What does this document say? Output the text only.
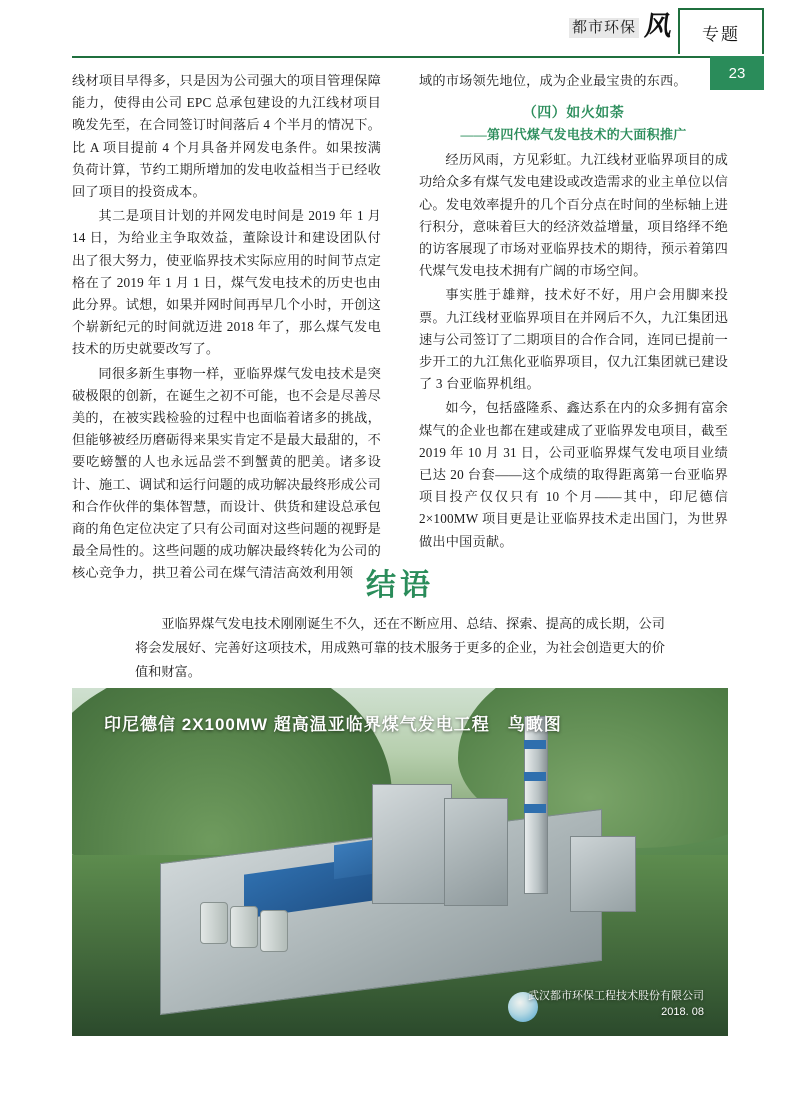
都市环保 风 专题
23

线材项目早得多，只是因为公司强大的项目管理保障能力，使得由公司 EPC 总承包建设的九江线材项目晚发先至，在合同签订时间落后 4 个半月的情况下。比 A 项目提前 4 个月具备并网发电条件。如果按满负荷计算，节约工期所增加的发电收益相当于已经收回了项目的投资成本。

其二是项目计划的并网发电时间是 2019 年 1 月 14 日，为给业主争取效益，董除设计和建设团队付出了很大努力，使亚临界技术实际应用的时间节点定格在了 2019 年 1 月 1 日，煤气发电技术的历史也由此分界。试想，如果并网时间再早几个小时，开创这个崭新纪元的时间就迈进 2018 年了，那么煤气发电技术的历史就要改写了。

同很多新生事物一样，亚临界煤气发电技术是突破极限的创新，在诞生之初不可能，也不会是尽善尽美的，在被实践检验的过程中也面临着诸多的挑战，但能够被经历磨砺得来果实肯定不是最大最甜的，不要吃螃蟹的人也永远品尝不到蟹黄的肥美。诸多设计、施工、调试和运行问题的成功解决最终形成公司和合作伙伴的集体智慧，而设计、供货和建设总承包商的角色定位决定了只有公司面对这些问题的视野是最全局性的。这些问题的成功解决最终转化为公司的核心竞争力，拱卫着公司在煤气清洁高效利用领

域的市场领先地位，成为企业最宝贵的东西。

（四）如火如荼
——第四代煤气发电技术的大面积推广

经历风雨，方见彩虹。九江线材亚临界项目的成功给众多有煤气发电建设或改造需求的业主单位以信心。发电效率提升的几个百分点在时间的坐标轴上进行积分，意味着巨大的经济效益增量，项目络绎不绝的访客展现了市场对亚临界技术的期待，预示着第四代煤气发电技术拥有广阔的市场空间。

事实胜于雄辩，技术好不好，用户会用脚来投票。九江线材亚临界项目在并网后不久，九江集团迅速与公司签订了二期项目的合作合同，连同已提前一步开工的九江焦化亚临界项目，仅九江集团就已建设了 3 台亚临界机组。

如今，包括盛隆系、鑫达系在内的众多拥有富余煤气的企业也都在建或建成了亚临界发电项目，截至 2019 年 10 月 31 日，公司亚临界煤气发电项目业绩已达 20 台套——这个成绩的取得距离第一台亚临界项目投产仅仅只有 10 个月——其中，印尼德信 2×100MW 项目更是让亚临界技术走出国门，为世界做出中国贡献。

结语
亚临界煤气发电技术刚刚诞生不久，还在不断应用、总结、探索、提高的成长期，公司将会发展好、完善好这项技术，用成熟可靠的技术服务于更多的企业，为社会创造更大的价值和财富。
印尼德信 2X100MW 超高温亚临界煤气发电工程　鸟瞰图
武汉都市环保工程技术股份有限公司
2018. 08
